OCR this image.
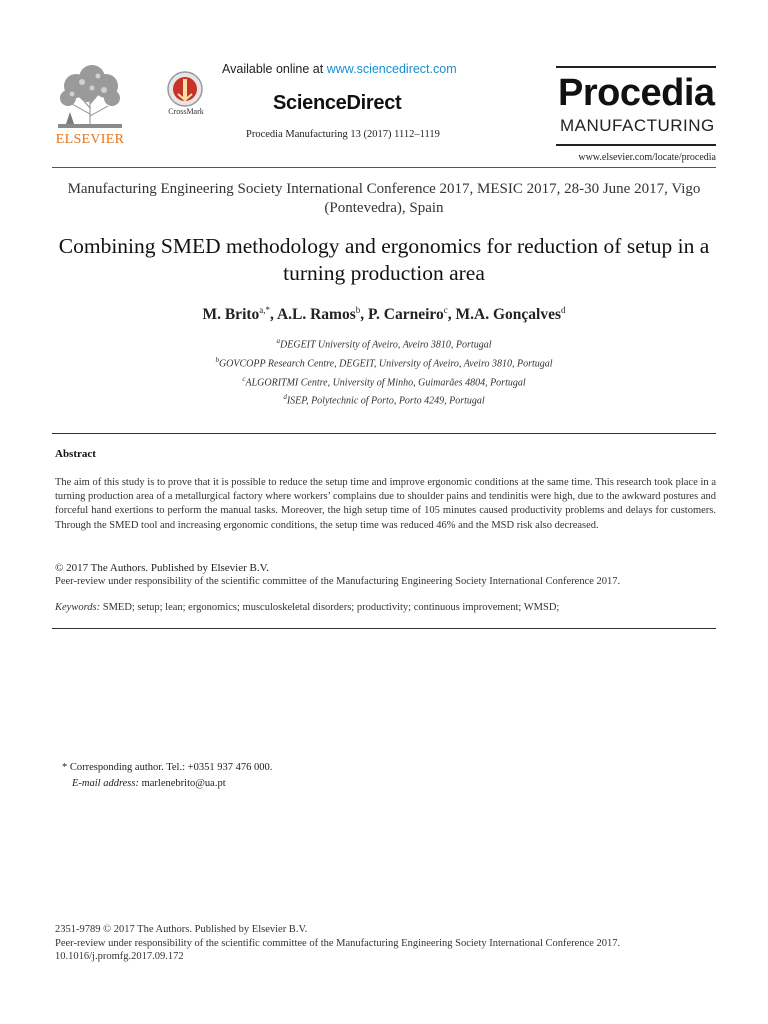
ELSEVIER
CrossMark
Available online at www.sciencedirect.com
ScienceDirect
Procedia Manufacturing 13 (2017) 1112–1119
Procedia
MANUFACTURING
www.elsevier.com/locate/procedia
Manufacturing Engineering Society International Conference 2017, MESIC 2017, 28-30 June 2017, Vigo (Pontevedra), Spain
Combining SMED methodology and ergonomics for reduction of setup in a turning production area
M. Brito$^{a,*}$, A.L. Ramos$^b$, P. Carneiro$^c$, M.A. Gonçalves$^d$
$^a$DEGEIT University of Aveiro, Aveiro 3810, Portugal
$^b$GOVCOPP Research Centre, DEGEIT, University of Aveiro, Aveiro 3810, Portugal
$^c$ALGORITMI Centre, University of Minho, Guimarães 4804, Portugal
$^d$ISEP, Polytechnic of Porto, Porto 4249, Portugal
Abstract
The aim of this study is to prove that it is possible to reduce the setup time and improve ergonomic conditions at the same time. This research took place in a turning production area of a metallurgical factory where workers’ complains due to shoulder pains and tendinitis were high, due to the awkward postures and forceful hand exertions to perform the manual tasks. Moreover, the high setup time of 105 minutes caused productivity problems and delays for customers. Through the SMED tool and increasing ergonomic conditions, the setup time was reduced 46% and the MSD risk also decreased.
© 2017 The Authors. Published by Elsevier B.V.
Peer-review under responsibility of the scientific committee of the Manufacturing Engineering Society International Conference 2017.
Keywords: SMED; setup; lean; ergonomics; musculoskeletal disorders; productivity; continuous improvement; WMSD;
* Corresponding author. Tel.: +0351 937 476 000.
E-mail address: marlenebrito@ua.pt
2351-9789 © 2017 The Authors. Published by Elsevier B.V.
Peer-review under responsibility of the scientific committee of the Manufacturing Engineering Society International Conference 2017.
10.1016/j.promfg.2017.09.172
